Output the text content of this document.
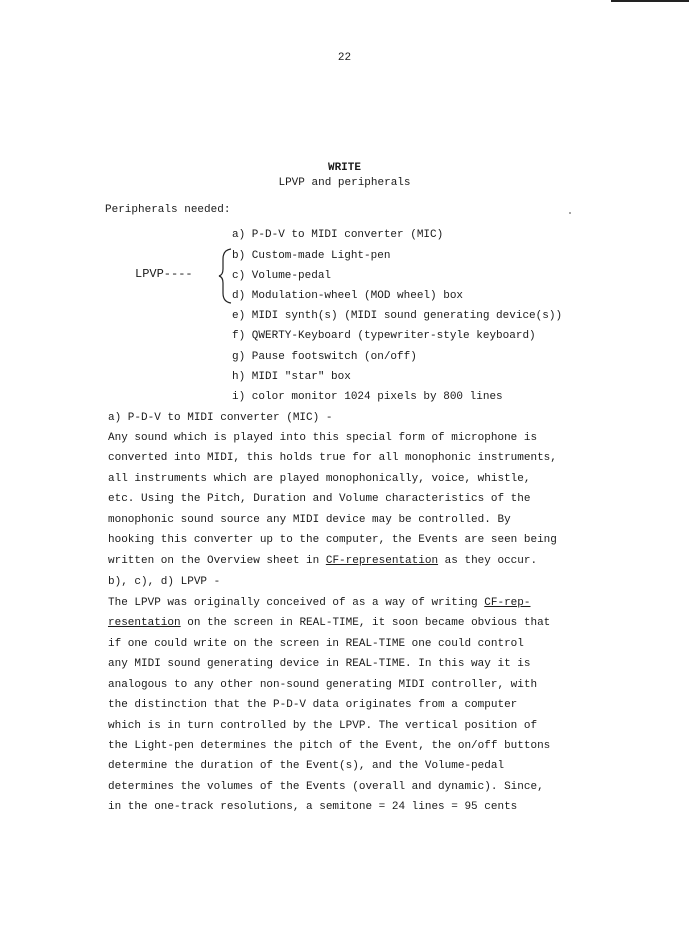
22
WRITE
LPVP and peripherals
Peripherals needed:
LPVP----
a) P-D-V to MIDI converter (MIC)
b) Custom-made Light-pen
c) Volume-pedal
d) Modulation-wheel (MOD wheel) box
e) MIDI synth(s) (MIDI sound generating device(s))
f) QWERTY-Keyboard (typewriter-style keyboard)
g) Pause footswitch (on/off)
h) MIDI "star" box
i) color monitor 1024 pixels by 800 lines
a) P-D-V to MIDI converter (MIC) -
Any sound which is played into this special form of microphone is
converted into MIDI, this holds true for all monophonic instruments,
all instruments which are played monophonically, voice, whistle,
etc. Using the Pitch, Duration and Volume characteristics of the
monophonic sound source any MIDI device may be controlled. By
hooking this converter up to the computer, the Events are seen being
written on the Overview sheet in CF-representation as they occur.
b), c), d) LPVP -
The LPVP was originally conceived of as a way of writing CF-rep-
resentation on the screen in REAL-TIME, it soon became obvious that
if one could write on the screen in REAL-TIME one could control
any MIDI sound generating device in REAL-TIME. In this way it is
analogous to any other non-sound generating MIDI controller, with
the distinction that the P-D-V data originates from a computer
which is in turn controlled by the LPVP. The vertical position of
the Light-pen determines the pitch of the Event, the on/off buttons
determine the duration of the Event(s), and the Volume-pedal
determines the volumes of the Events (overall and dynamic). Since,
in the one-track resolutions, a semitone = 24 lines = 95 cents
